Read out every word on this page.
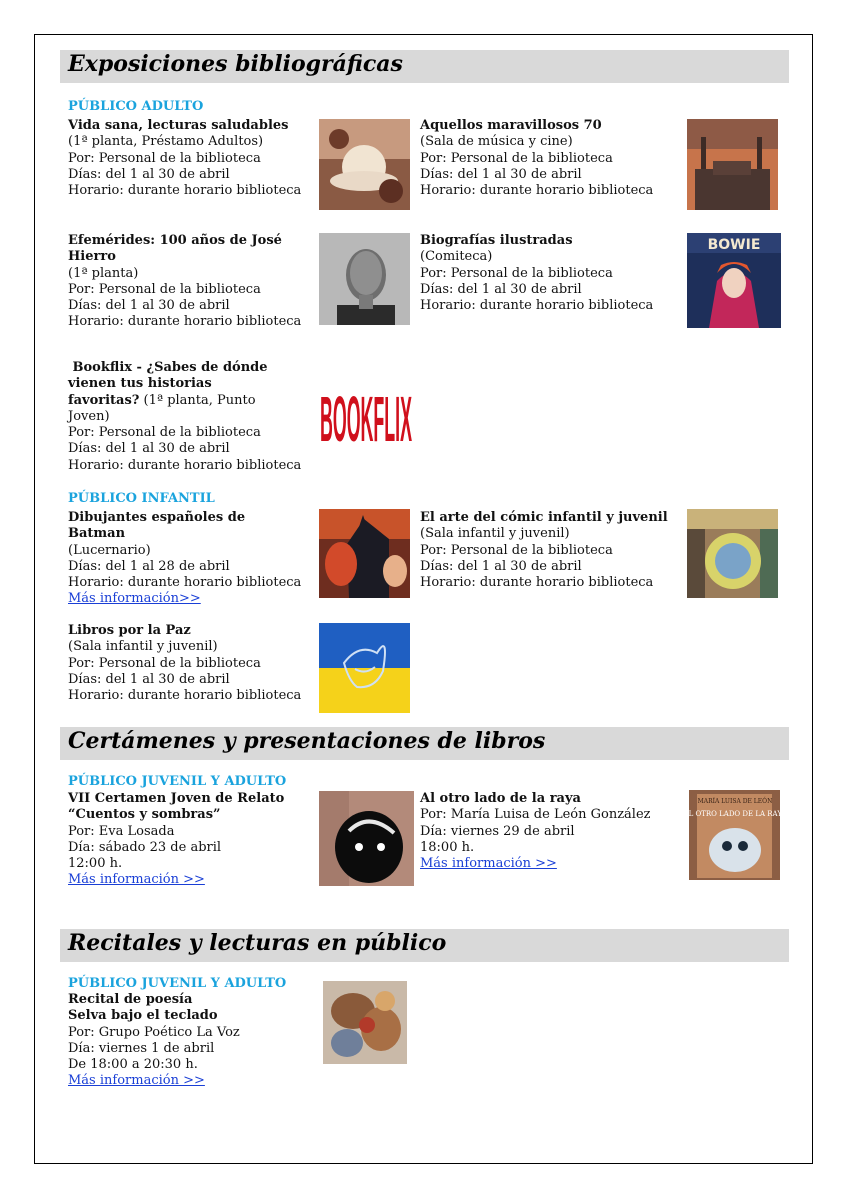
Exposiciones bibliográficas
PÚBLICO ADULTO
Vida sana, lecturas saludables
(1ª planta, Préstamo Adultos)
Por: Personal de la biblioteca
Días: del 1 al 30 de abril
Horario: durante horario biblioteca
Aquellos maravillosos 70
(Sala de música y cine)
Por: Personal de la biblioteca
Días: del 1 al 30 de abril
Horario: durante horario biblioteca
Efemérides: 100 años de José
Hierro
(1ª planta)
Por: Personal de la biblioteca
Días: del 1 al 30 de abril
Horario: durante horario biblioteca
Biografías ilustradas
(Comiteca)
Por: Personal de la biblioteca
Días: del 1 al 30 de abril
Horario: durante horario biblioteca
BOWIE
Bookflix - ¿Sabes de dónde
vienen tus historias
favoritas? (1ª planta, Punto
Joven)
Por: Personal de la biblioteca
Días: del 1 al 30 de abril
Horario: durante horario biblioteca
BOOKFLIX
PÚBLICO INFANTIL
Dibujantes españoles de
Batman
(Lucernario)
Días: del 1 al 28 de abril
Horario: durante horario biblioteca
Más información>>
El arte del cómic infantil y juvenil
(Sala infantil y juvenil)
Por: Personal de la biblioteca
Días: del 1 al 30 de abril
Horario: durante horario biblioteca
Libros por la Paz
(Sala infantil y juvenil)
Por: Personal de la biblioteca
Días: del 1 al 30 de abril
Horario: durante horario biblioteca
Certámenes y presentaciones de libros
PÚBLICO JUVENIL Y ADULTO
VII Certamen Joven de Relato
“Cuentos y sombras”
Por: Eva Losada
Día: sábado 23 de abril
12:00 h.
Más información >>
Al otro lado de la raya
Por: María Luisa de León González
Día: viernes 29 de abril
18:00 h.
Más información >>
MARÍA LUISA DE LEÓN
AL OTRO LADO DE LA RAYA
Recitales y lecturas en público
PÚBLICO JUVENIL Y ADULTO
Recital de poesía
Selva bajo el teclado
Por: Grupo Poético La Voz
Día: viernes 1 de abril
De 18:00 a 20:30 h.
Más información >>
